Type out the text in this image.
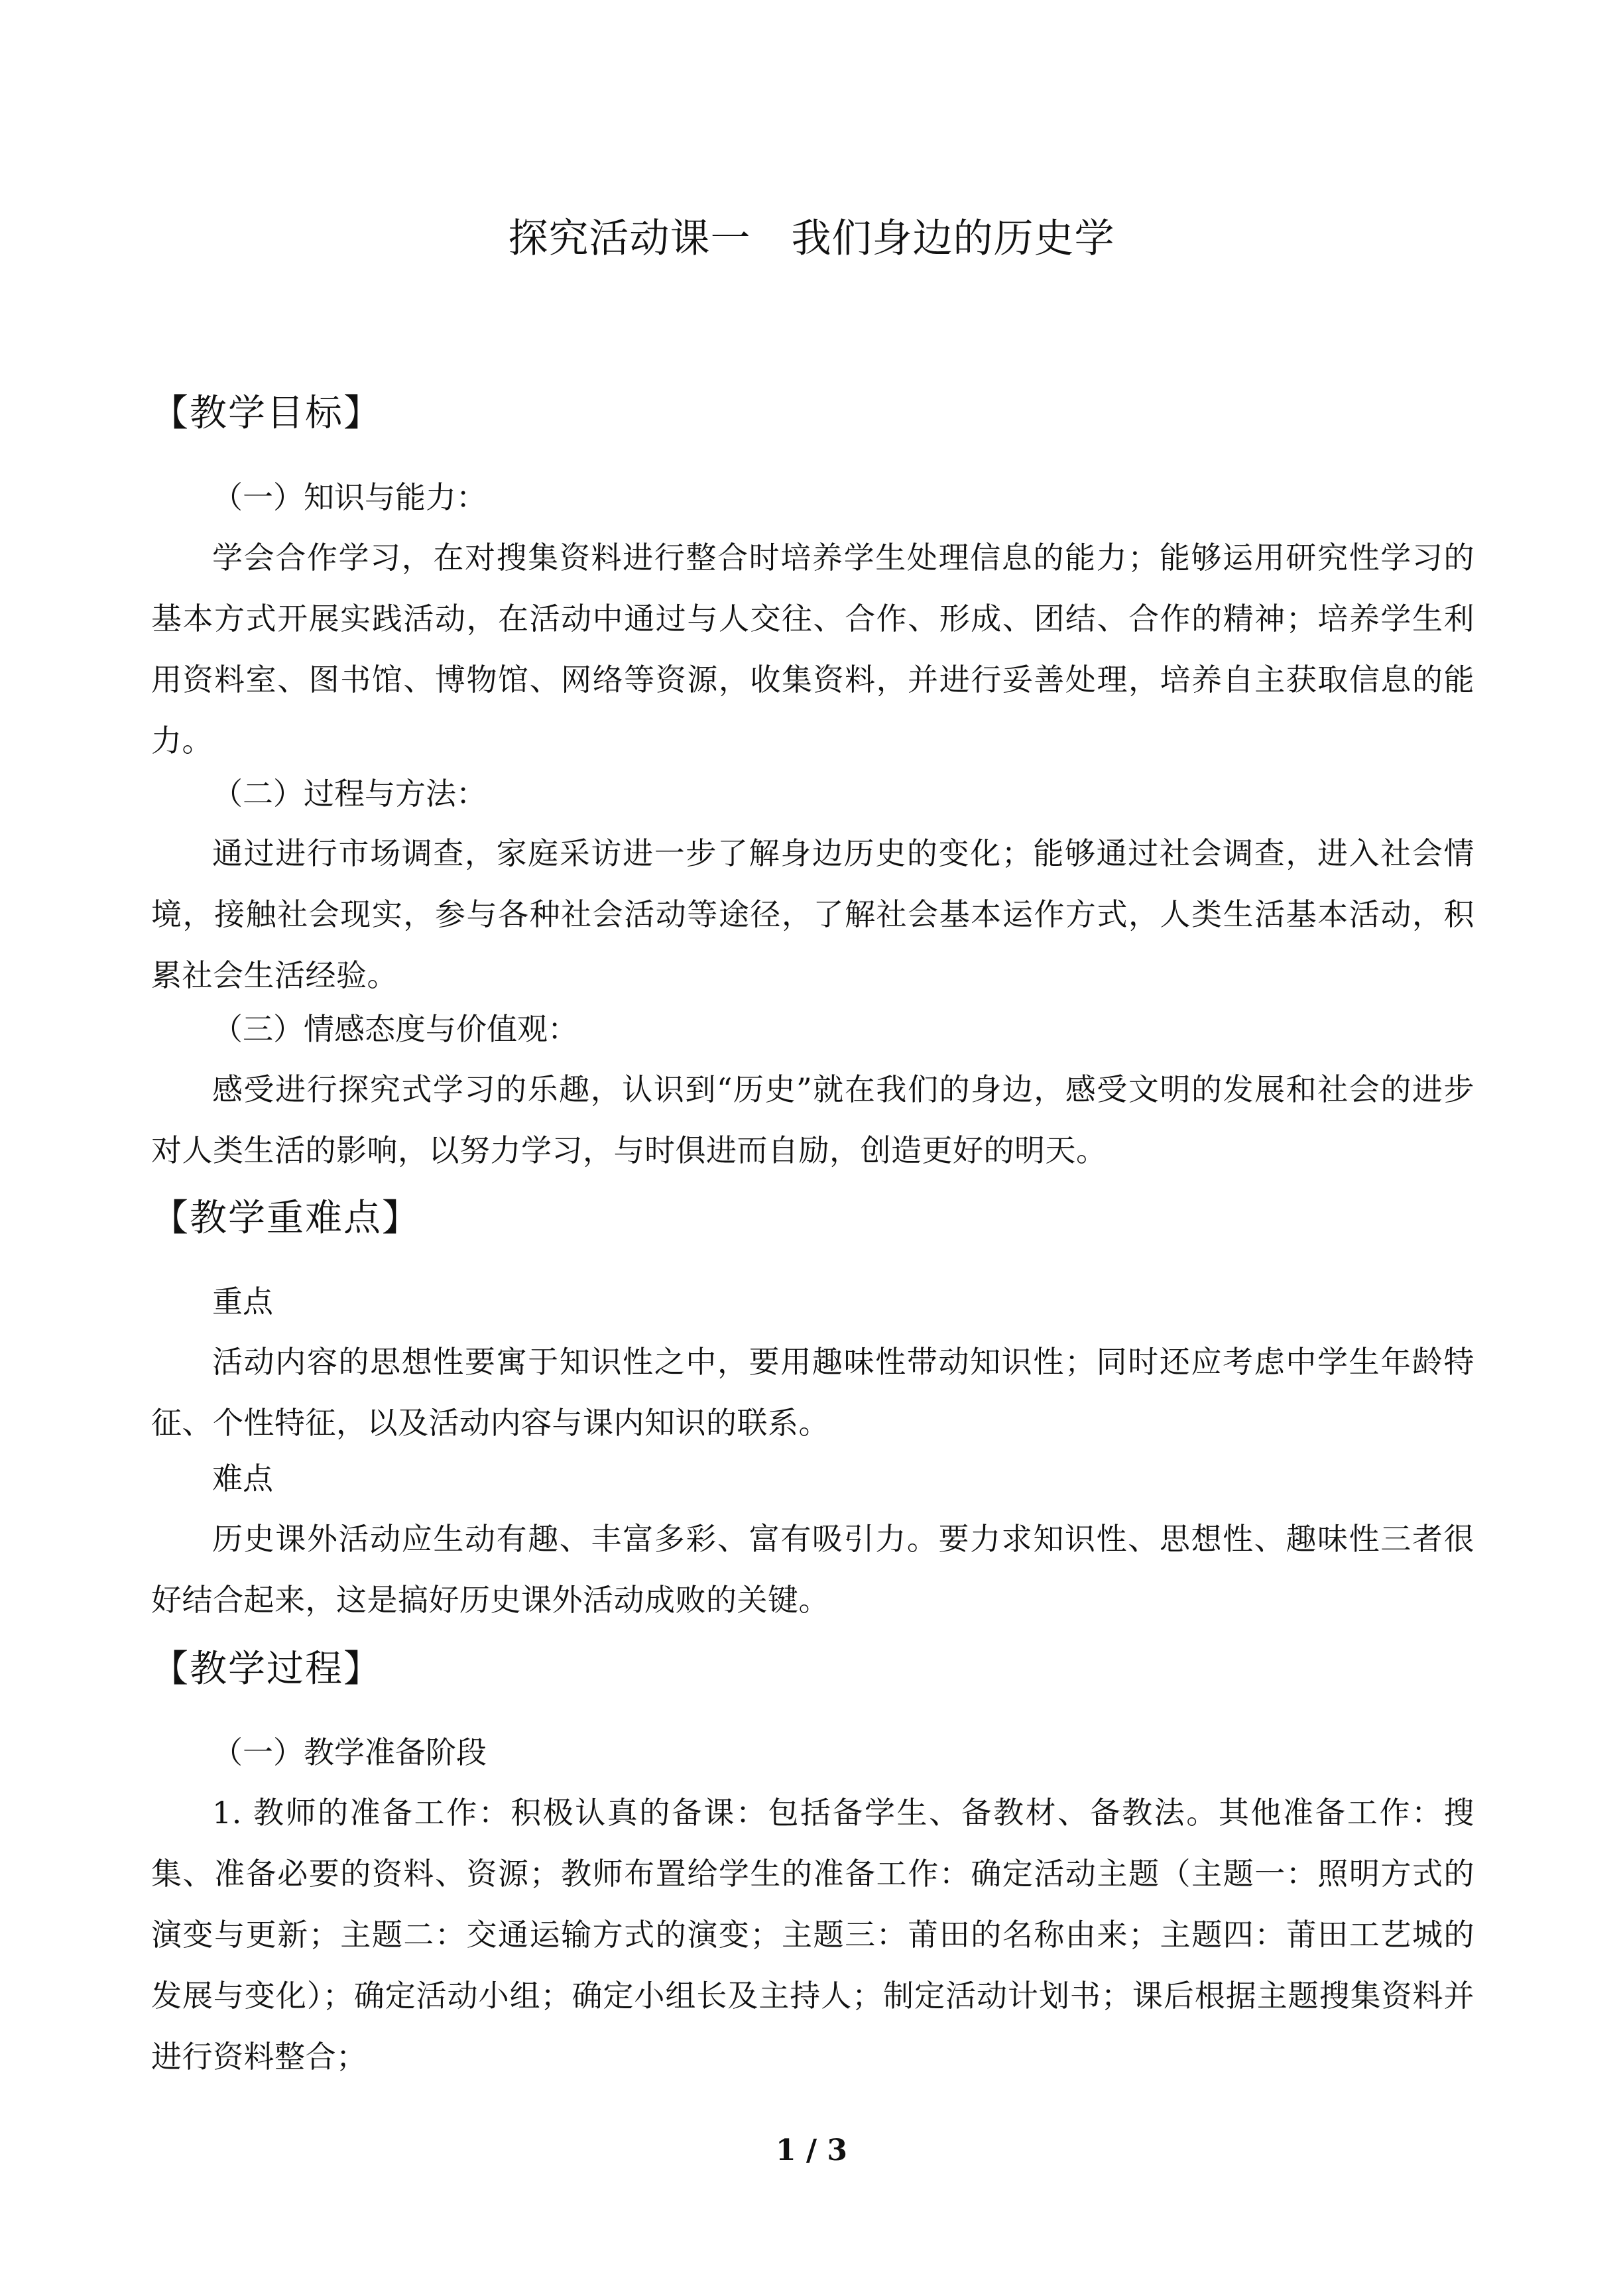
探究活动课一　我们身边的历史学
【教学目标】
（一）知识与能力：
学会合作学习，在对搜集资料进行整合时培养学生处理信息的能力；能够运用研究性学习的基本方式开展实践活动，在活动中通过与人交往、合作、形成、团结、合作的精神；培养学生利用资料室、图书馆、博物馆、网络等资源，收集资料，并进行妥善处理，培养自主获取信息的能力。
（二）过程与方法：
通过进行市场调查，家庭采访进一步了解身边历史的变化；能够通过社会调查，进入社会情境，接触社会现实，参与各种社会活动等途径，了解社会基本运作方式，人类生活基本活动，积累社会生活经验。
（三）情感态度与价值观：
感受进行探究式学习的乐趣，认识到“历史”就在我们的身边，感受文明的发展和社会的进步对人类生活的影响，以努力学习，与时俱进而自励，创造更好的明天。
【教学重难点】
重点
活动内容的思想性要寓于知识性之中，要用趣味性带动知识性；同时还应考虑中学生年龄特征、个性特征，以及活动内容与课内知识的联系。
难点
历史课外活动应生动有趣、丰富多彩、富有吸引力。要力求知识性、思想性、趣味性三者很好结合起来，这是搞好历史课外活动成败的关键。
【教学过程】
（一）教学准备阶段
1. 教师的准备工作：积极认真的备课：包括备学生、备教材、备教法。其他准备工作：搜集、准备必要的资料、资源；教师布置给学生的准备工作：确定活动主题（主题一：照明方式的演变与更新；主题二：交通运输方式的演变；主题三：莆田的名称由来；主题四：莆田工艺城的发展与变化）；确定活动小组；确定小组长及主持人；制定活动计划书；课后根据主题搜集资料并进行资料整合；
1 / 3
